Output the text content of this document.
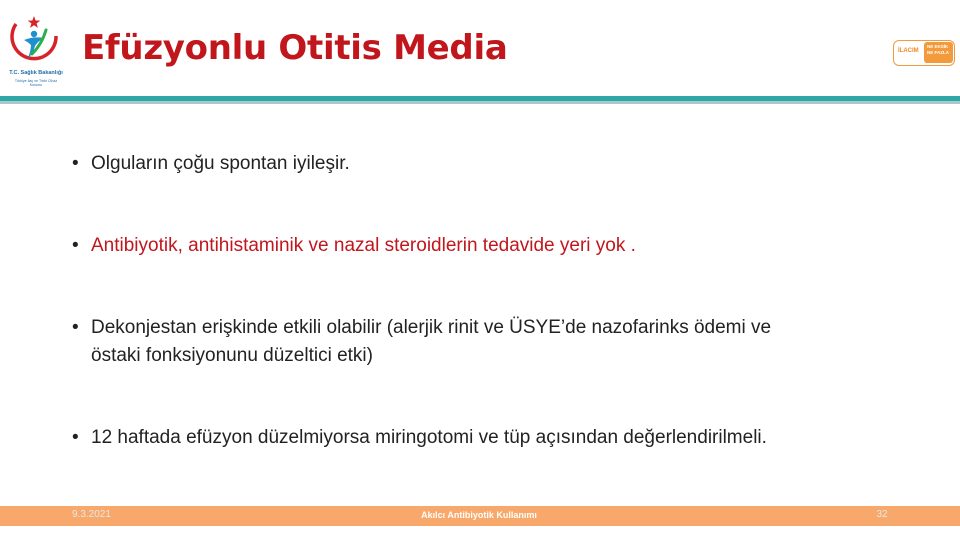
T.C. Sağlık Bakanlığı
Türkiye İlaç ve Tıbbi Cihaz Kurumu
Efüzyonlu Otitis Media	İLACIM
NE EKSİK
NE FAZLA
• Olguların çoğu spontan iyileşir.
• Antibiyotik, antihistaminik ve nazal steroidlerin tedavide yeri yok .
• Dekonjestan erişkinde etkili olabilir (alerjik rinit ve ÜSYE’de nazofarinks ödemi ve
östaki fonksiyonunu düzeltici etki)
• 12 haftada efüzyon düzelmiyorsa miringotomi ve tüp açısından değerlendirilmeli.
9.3.2021	Akılcı Antibiyotik Kullanımı	32
